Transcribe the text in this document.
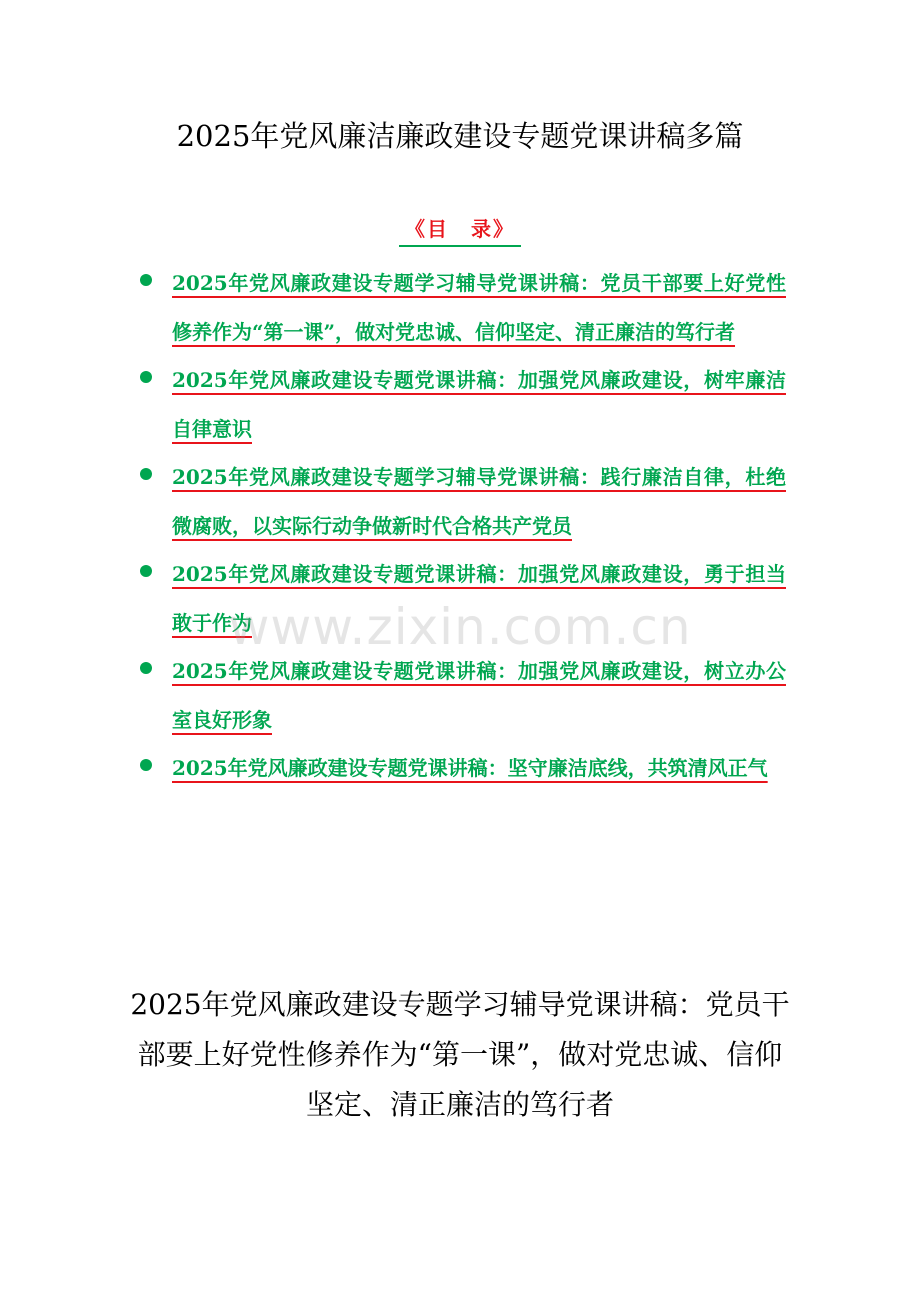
2025年党风廉洁廉政建设专题党课讲稿多篇
《目　录》
2025年党风廉政建设专题学习辅导党课讲稿：党员干部要上好党性修养作为“第一课”，做对党忠诚、信仰坚定、清正廉洁的笃行者
2025年党风廉政建设专题党课讲稿：加强党风廉政建设，树牢廉洁自律意识
2025年党风廉政建设专题学习辅导党课讲稿：践行廉洁自律，杜绝微腐败，以实际行动争做新时代合格共产党员
2025年党风廉政建设专题党课讲稿：加强党风廉政建设，勇于担当敢于作为
2025年党风廉政建设专题党课讲稿：加强党风廉政建设，树立办公室良好形象
2025年党风廉政建设专题党课讲稿：坚守廉洁底线，共筑清风正气
www.zixin.com.cn
2025年党风廉政建设专题学习辅导党课讲稿：党员干部要上好党性修养作为“第一课”，做对党忠诚、信仰坚定、清正廉洁的笃行者
